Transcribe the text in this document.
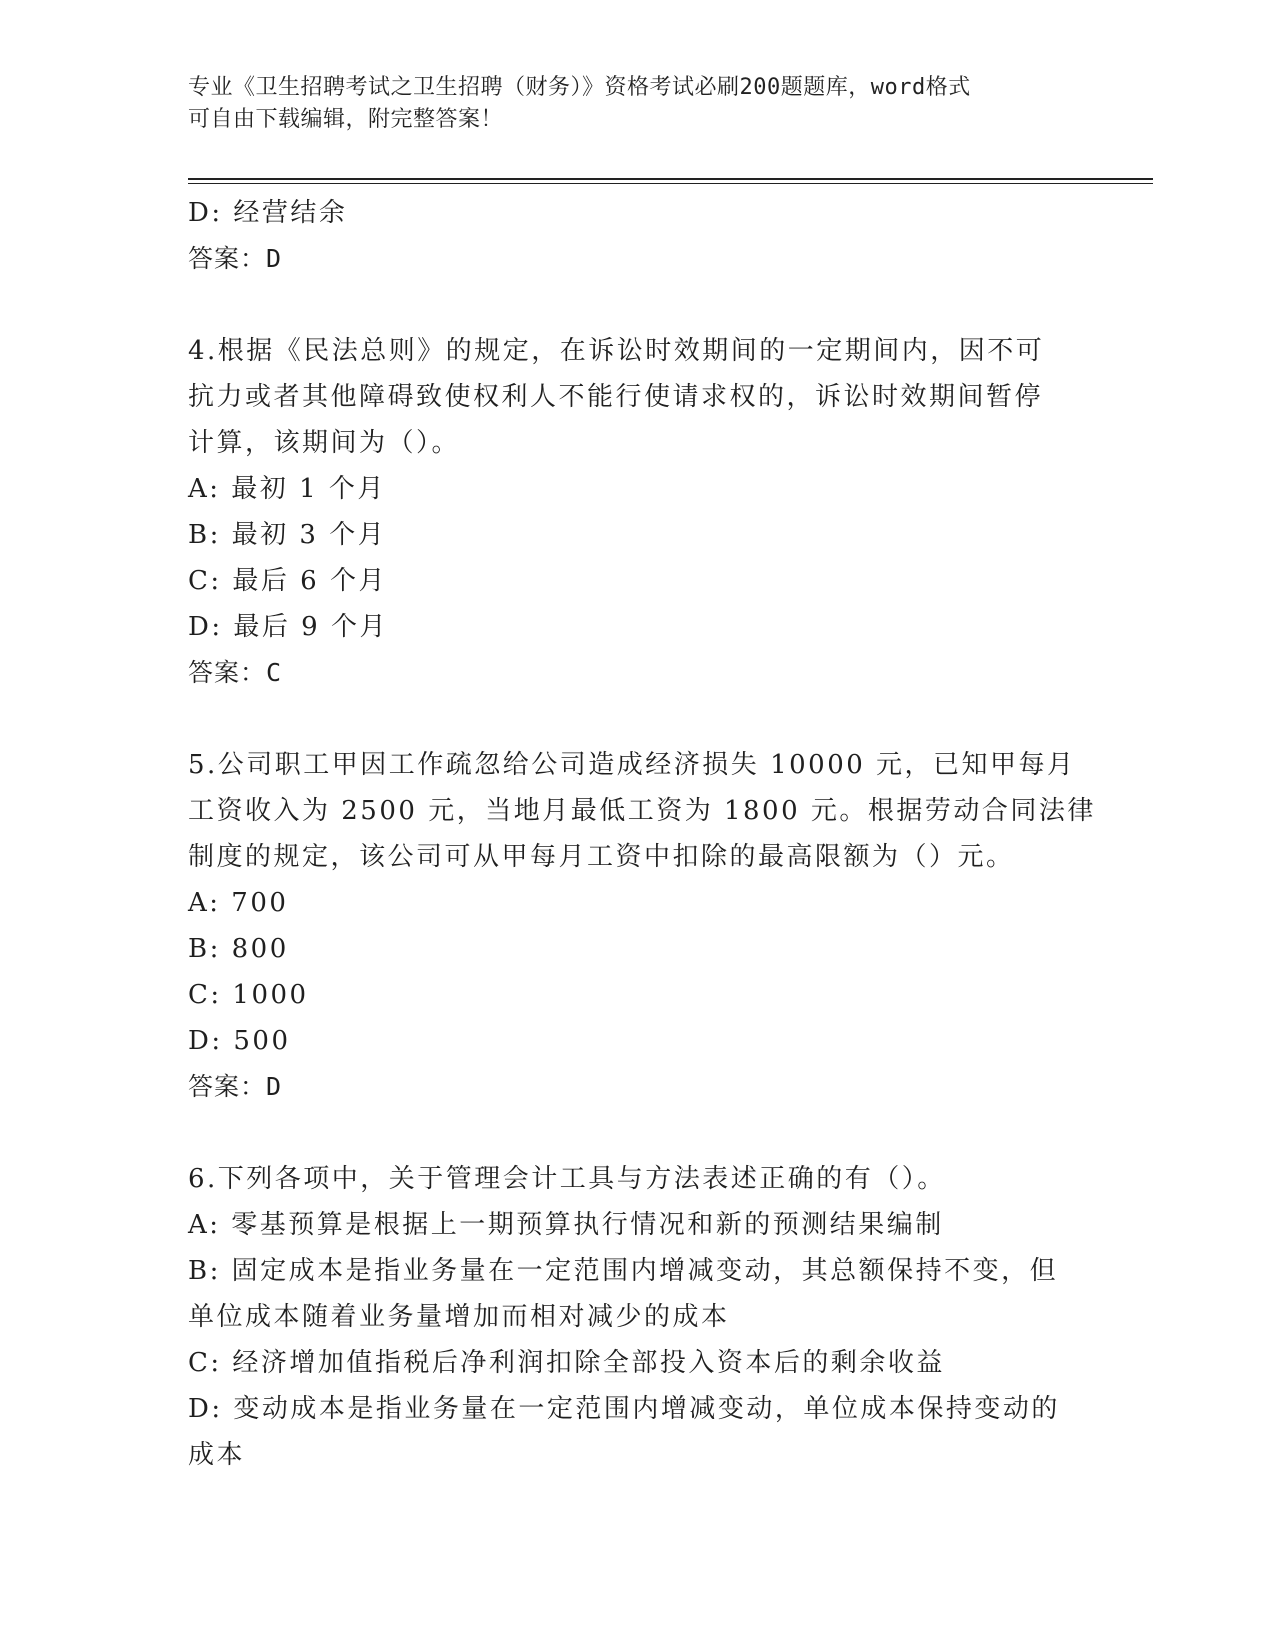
专业《卫生招聘考试之卫生招聘（财务）》资格考试必刷200题题库，word格式
可自由下载编辑，附完整答案！

D: 经营结余

答案：D

4.根据《民法总则》的规定，在诉讼时效期间的一定期间内，因不可

抗力或者其他障碍致使权利人不能行使请求权的，诉讼时效期间暂停

计算，该期间为（）。

A: 最初 1 个月

B: 最初 3 个月

C: 最后 6 个月

D: 最后 9 个月

答案：C

5.公司职工甲因工作疏忽给公司造成经济损失 10000 元，已知甲每月

工资收入为 2500 元，当地月最低工资为 1800 元。根据劳动合同法律

制度的规定，该公司可从甲每月工资中扣除的最高限额为（）元。

A: 700

B: 800

C: 1000

D: 500

答案：D

6.下列各项中，关于管理会计工具与方法表述正确的有（）。

A: 零基预算是根据上一期预算执行情况和新的预测结果编制

B: 固定成本是指业务量在一定范围内增减变动，其总额保持不变，但

单位成本随着业务量增加而相对减少的成本

C: 经济增加值指税后净利润扣除全部投入资本后的剩余收益

D: 变动成本是指业务量在一定范围内增减变动，单位成本保持变动的

成本
